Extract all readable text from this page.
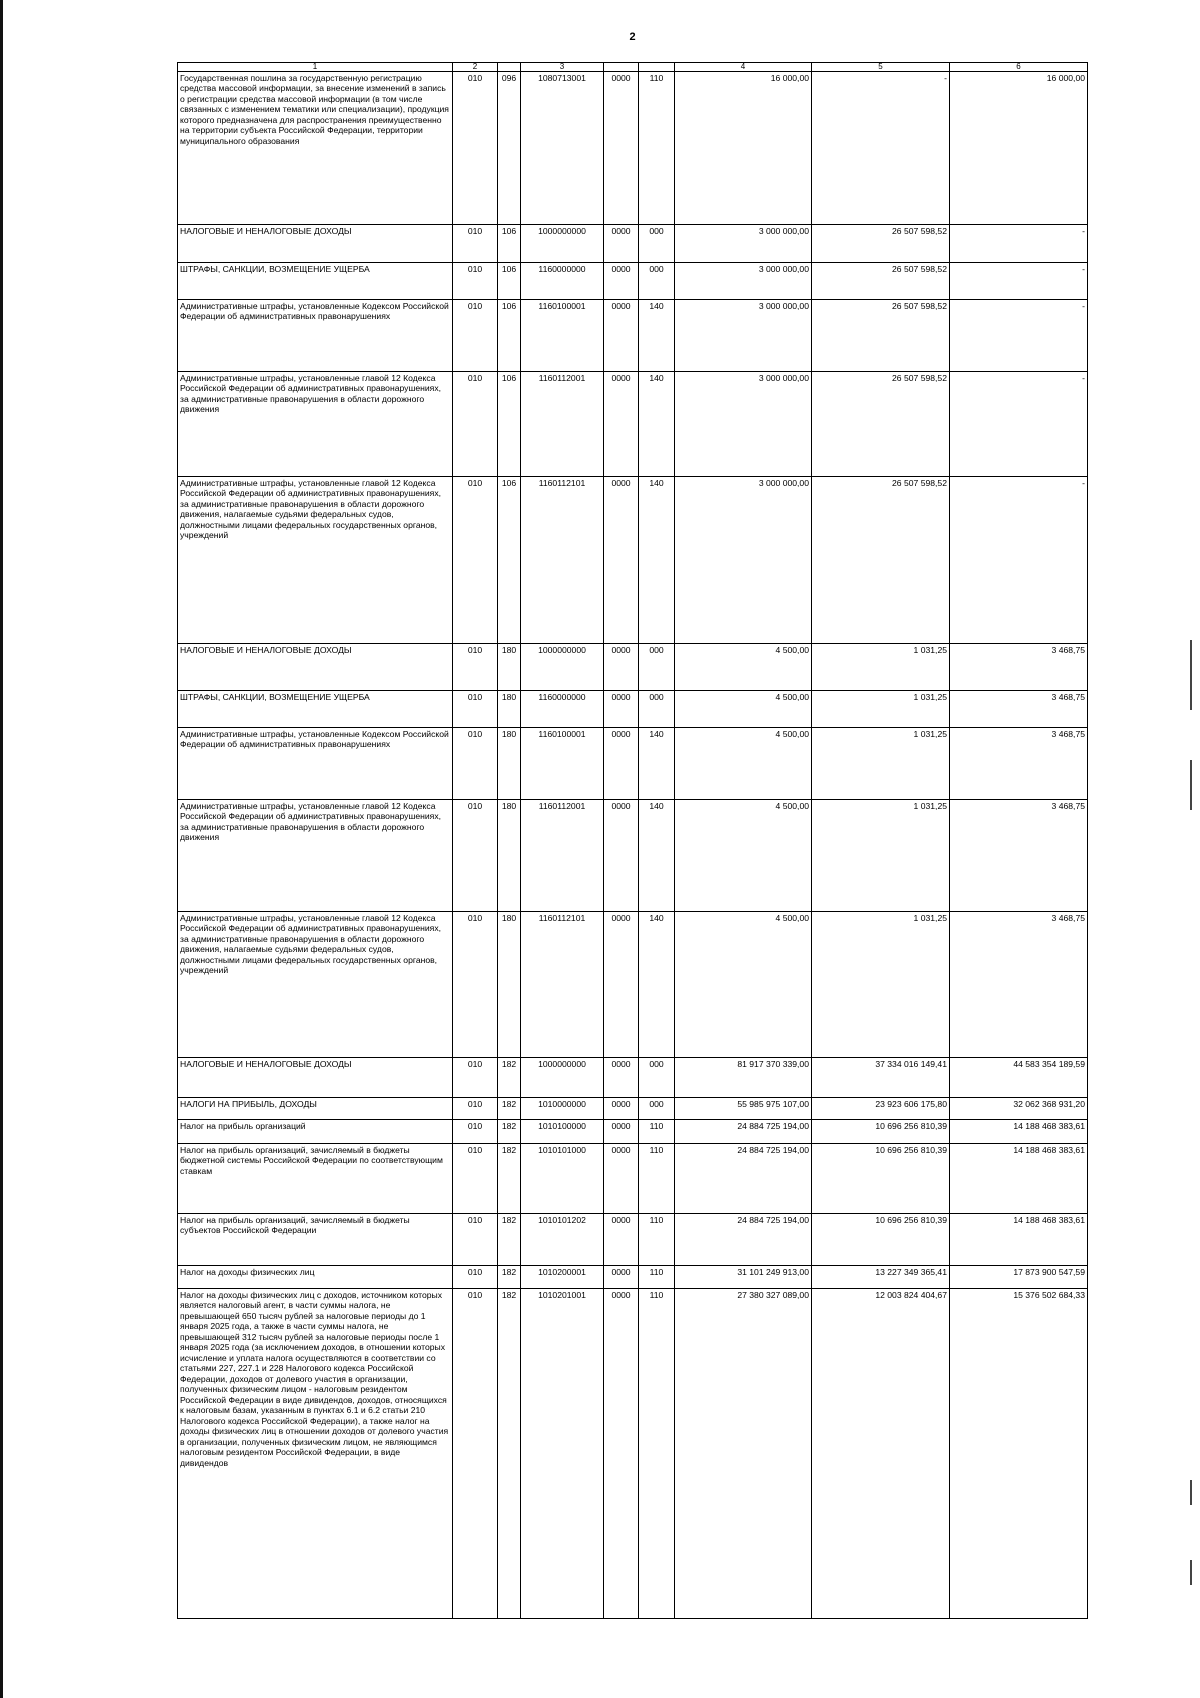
2
1	2		3			4	5	6
Государственная пошлина за государственную регистрацию средства массовой информации, за внесение изменений в запись о регистрации средства массовой информации (в том числе связанных с изменением тематики или специализации), продукция которого предназначена для распространения преимущественно на территории субъекта Российской Федерации, территории муниципального образования	010	096	1080713001	0000	110	16 000,00	-	16 000,00
НАЛОГОВЫЕ И НЕНАЛОГОВЫЕ ДОХОДЫ	010	106	1000000000	0000	000	3 000 000,00	26 507 598,52	-
ШТРАФЫ, САНКЦИИ, ВОЗМЕЩЕНИЕ УЩЕРБА	010	106	1160000000	0000	000	3 000 000,00	26 507 598,52	-
Административные штрафы, установленные Кодексом Российской Федерации об административных правонарушениях	010	106	1160100001	0000	140	3 000 000,00	26 507 598,52	-
Административные штрафы, установленные главой 12 Кодекса Российской Федерации об административных правонарушениях, за административные правонарушения в области дорожного движения	010	106	1160112001	0000	140	3 000 000,00	26 507 598,52	-
Административные штрафы, установленные главой 12 Кодекса Российской Федерации об административных правонарушениях, за административные правонарушения в области дорожного движения, налагаемые судьями федеральных судов, должностными лицами федеральных государственных органов, учреждений	010	106	1160112101	0000	140	3 000 000,00	26 507 598,52	-
НАЛОГОВЫЕ И НЕНАЛОГОВЫЕ ДОХОДЫ	010	180	1000000000	0000	000	4 500,00	1 031,25	3 468,75
ШТРАФЫ, САНКЦИИ, ВОЗМЕЩЕНИЕ УЩЕРБА	010	180	1160000000	0000	000	4 500,00	1 031,25	3 468,75
Административные штрафы, установленные Кодексом Российской Федерации об административных правонарушениях	010	180	1160100001	0000	140	4 500,00	1 031,25	3 468,75
Административные штрафы, установленные главой 12 Кодекса Российской Федерации об административных правонарушениях, за административные правонарушения в области дорожного движения	010	180	1160112001	0000	140	4 500,00	1 031,25	3 468,75
Административные штрафы, установленные главой 12 Кодекса Российской Федерации об административных правонарушениях, за административные правонарушения в области дорожного движения, налагаемые судьями федеральных судов, должностными лицами федеральных государственных органов, учреждений	010	180	1160112101	0000	140	4 500,00	1 031,25	3 468,75
НАЛОГОВЫЕ И НЕНАЛОГОВЫЕ ДОХОДЫ	010	182	1000000000	0000	000	81 917 370 339,00	37 334 016 149,41	44 583 354 189,59
НАЛОГИ НА ПРИБЫЛЬ, ДОХОДЫ	010	182	1010000000	0000	000	55 985 975 107,00	23 923 606 175,80	32 062 368 931,20
Налог на прибыль организаций	010	182	1010100000	0000	110	24 884 725 194,00	10 696 256 810,39	14 188 468 383,61
Налог на прибыль организаций, зачисляемый в бюджеты бюджетной системы Российской Федерации по соответствующим ставкам	010	182	1010101000	0000	110	24 884 725 194,00	10 696 256 810,39	14 188 468 383,61
Налог на прибыль организаций, зачисляемый в бюджеты субъектов Российской Федерации	010	182	1010101202	0000	110	24 884 725 194,00	10 696 256 810,39	14 188 468 383,61
Налог на доходы физических лиц	010	182	1010200001	0000	110	31 101 249 913,00	13 227 349 365,41	17 873 900 547,59
Налог на доходы физических лиц с доходов, источником которых является налоговый агент, в части суммы налога, не превышающей 650 тысяч рублей за налоговые периоды до 1 января 2025 года, а также в части суммы налога, не превышающей 312 тысяч рублей за налоговые периоды после 1 января 2025 года (за исключением доходов, в отношении которых исчисление и уплата налога осуществляются в соответствии со статьями 227, 227.1 и 228 Налогового кодекса Российской Федерации, доходов от долевого участия в организации, полученных физическим лицом - налоговым резидентом Российской Федерации в виде дивидендов, доходов, относящихся к налоговым базам, указанным в пунктах 6.1 и 6.2 статьи 210 Налогового кодекса Российской Федерации), а также налог на доходы физических лиц в отношении доходов от долевого участия в организации, полученных физическим лицом, не являющимся налоговым резидентом Российской Федерации, в виде дивидендов	010	182	1010201001	0000	110	27 380 327 089,00	12 003 824 404,67	15 376 502 684,33
